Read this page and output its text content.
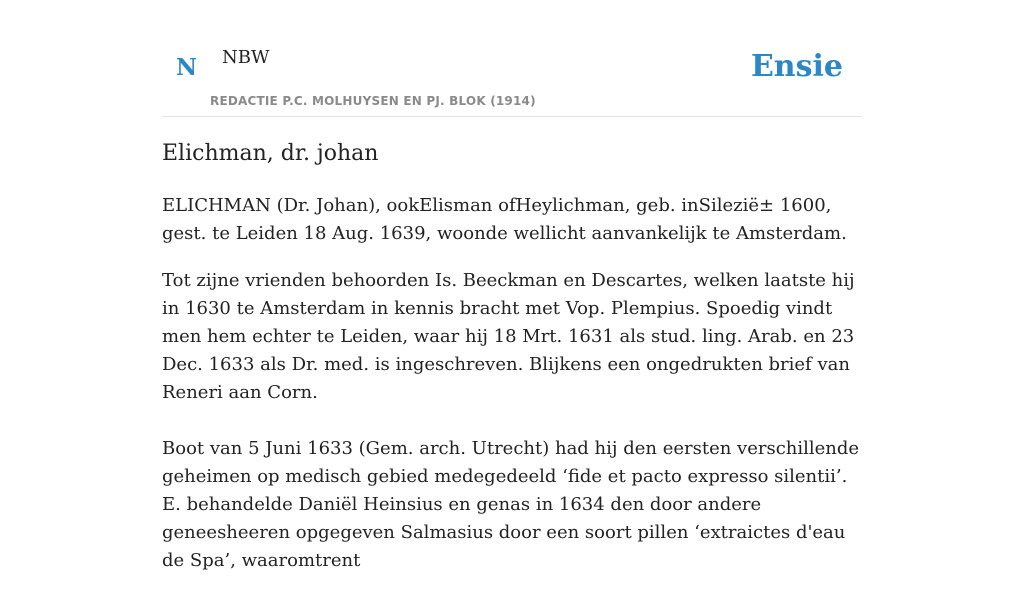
N NBW
REDACTIE P.C. MOLHUYSEN EN PJ. BLOK (1914)
Ensie
Elichman, dr. johan

ELICHMAN (Dr. Johan), ookElisman ofHeylichman, geb. inSilezië± 1600, gest. te Leiden 18 Aug. 1639, woonde wellicht aanvankelijk te Amsterdam.

Tot zijne vrienden behoorden Is. Beeckman en Descartes, welken laatste hij in 1630 te Amsterdam in kennis bracht met Vop. Plempius. Spoedig vindt men hem echter te Leiden, waar hij 18 Mrt. 1631 als stud. ling. Arab. en 23 Dec. 1633 als Dr. med. is ingeschreven. Blijkens een ongedrukten brief van Reneri aan Corn.

Boot van 5 Juni 1633 (Gem. arch. Utrecht) had hij den eersten verschillende geheimen op medisch gebied medegedeeld ‘fide et pacto expresso silentii’. E. behandelde Daniël Heinsius en genas in 1634 den door andere geneesheeren opgegeven Salmasius door een soort pillen ‘extraictes d'eau de Spa’, waaromtrent
